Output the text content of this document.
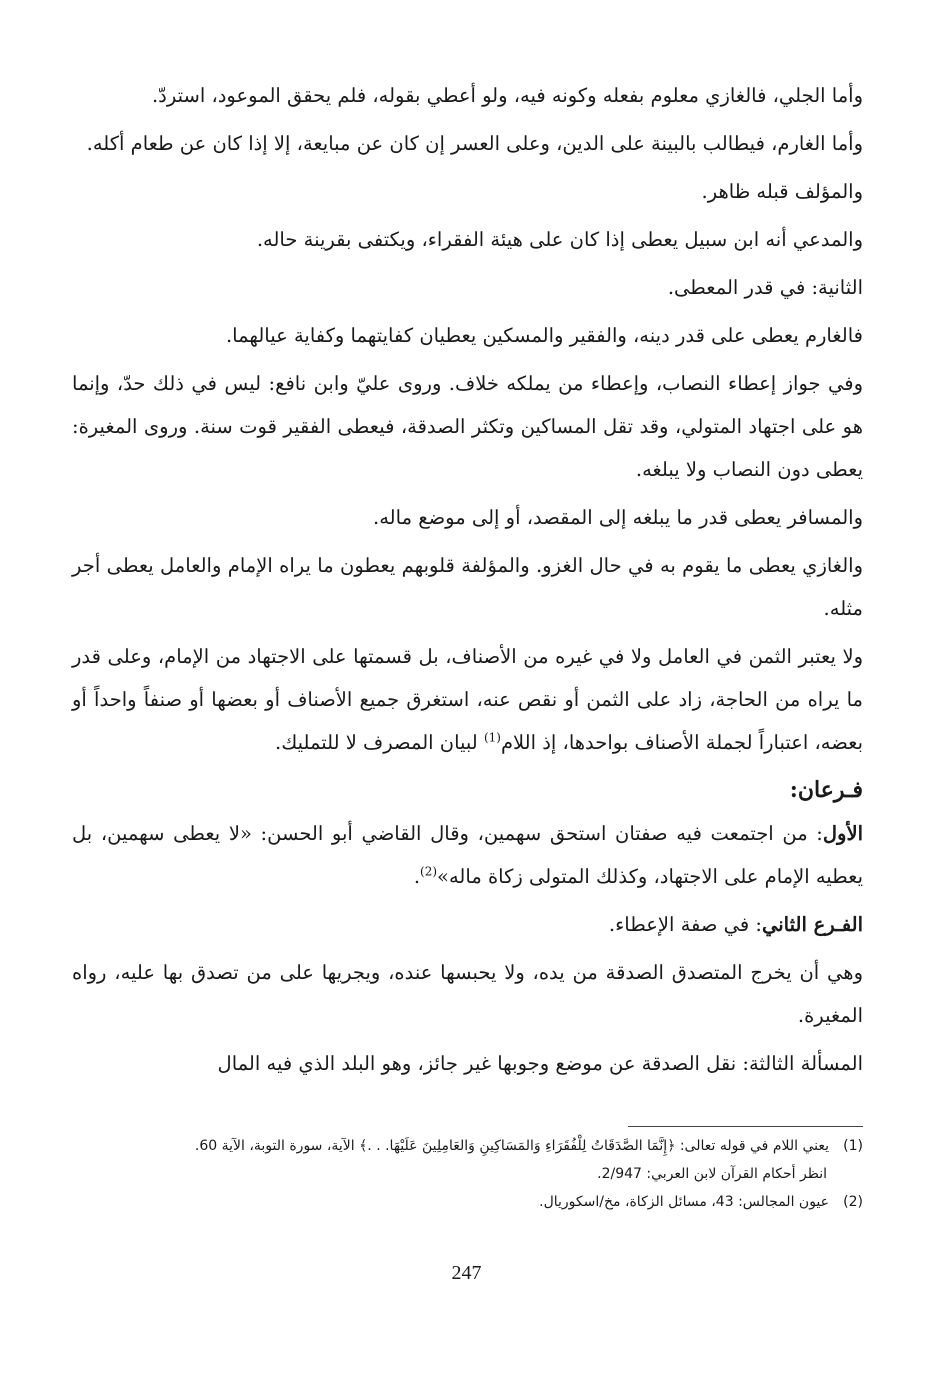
وأما الجلي، فالغازي معلوم بفعله وكونه فيه، ولو أعطي بقوله، فلم يحقق الموعود، استردّ.

وأما الغارم، فيطالب بالبينة على الدين، وعلى العسر إن كان عن مبايعة، إلا إذا كان عن طعام أكله.

والمؤلف قبله ظاهر.

والمدعي أنه ابن سبيل يعطى إذا كان على هيئة الفقراء، ويكتفى بقرينة حاله.

الثانية: في قدر المعطى.

فالغارم يعطى على قدر دينه، والفقير والمسكين يعطيان كفايتهما وكفاية عيالهما.

وفي جواز إعطاء النصاب، وإعطاء من يملكه خلاف. وروى عليّ وابن نافع: ليس في ذلك حدّ، وإنما هو على اجتهاد المتولي، وقد تقل المساكين وتكثر الصدقة، فيعطى الفقير قوت سنة. وروى المغيرة: يعطى دون النصاب ولا يبلغه.

والمسافر يعطى قدر ما يبلغه إلى المقصد، أو إلى موضع ماله.

والغازي يعطى ما يقوم به في حال الغزو. والمؤلفة قلوبهم يعطون ما يراه الإمام والعامل يعطى أجر مثله.

ولا يعتبر الثمن في العامل ولا في غيره من الأصناف، بل قسمتها على الاجتهاد من الإمام، وعلى قدر ما يراه من الحاجة، زاد على الثمن أو نقص عنه، استغرق جميع الأصناف أو بعضها أو صنفاً واحداً أو بعضه، اعتباراً لجملة الأصناف بواحدها، إذ اللام$^{(1)}$ لبيان المصرف لا للتمليك.

فـرعان:

الأول: من اجتمعت فيه صفتان استحق سهمين، وقال القاضي أبو الحسن: «لا يعطى سهمين، بل يعطيه الإمام على الاجتهاد، وكذلك المتولى زكاة ماله»$^{(2)}$.

الفـرع الثاني: في صفة الإعطاء.

وهي أن يخرج المتصدق الصدقة من يده، ولا يحبسها عنده، ويجريها على من تصدق بها عليه، رواه المغيرة.

المسألة الثالثة: نقل الصدقة عن موضع وجوبها غير جائز، وهو البلد الذي فيه المال

(1)يعني اللام في قوله تعالى: ﴿إِنَّمَا الصَّدَقَاتُ لِلْفُقَرَاءِ وَالمَسَاكِينِ وَالعَامِلِينَ عَلَيْهَا. . .﴾ الآية، سورة التوبة، الآية 60.

انظر أحكام القرآن لابن العربي: 2/947.

(2)عيون المجالس: 43، مسائل الزكاة، مخ/اسكوريال.

247
